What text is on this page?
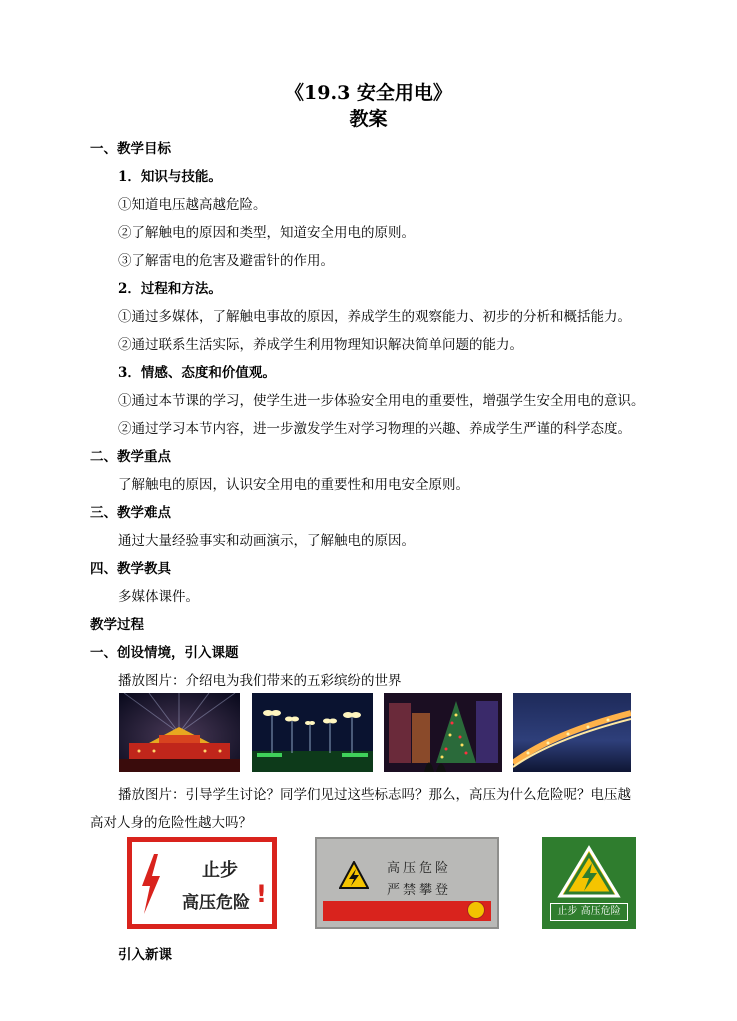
《19.3 安全用电》
教案
一、教学目标
1．知识与技能。
①知道电压越高越危险。
②了解触电的原因和类型，知道安全用电的原则。
③了解雷电的危害及避雷针的作用。
2．过程和方法。
①通过多媒体，了解触电事故的原因，养成学生的观察能力、初步的分析和概括能力。
②通过联系生活实际，养成学生利用物理知识解决简单问题的能力。
3．情感、态度和价值观。
①通过本节课的学习，使学生进一步体验安全用电的重要性，增强学生安全用电的意识。
②通过学习本节内容，进一步激发学生对学习物理的兴趣、养成学生严谨的科学态度。
二、教学重点
了解触电的原因，认识安全用电的重要性和用电安全原则。
三、教学难点
通过大量经验事实和动画演示，了解触电的原因。
四、教学教具
多媒体课件。
教学过程
一、创设情境，引入课题
播放图片：介绍电为我们带来的五彩缤纷的世界
播放图片：引导学生讨论？同学们见过这些标志吗？那么，高压为什么危险呢？电压越
高对人身的危险性越大吗？
止步
高压危险 !
高压危险
严禁攀登
止步 高压危险
引入新课
